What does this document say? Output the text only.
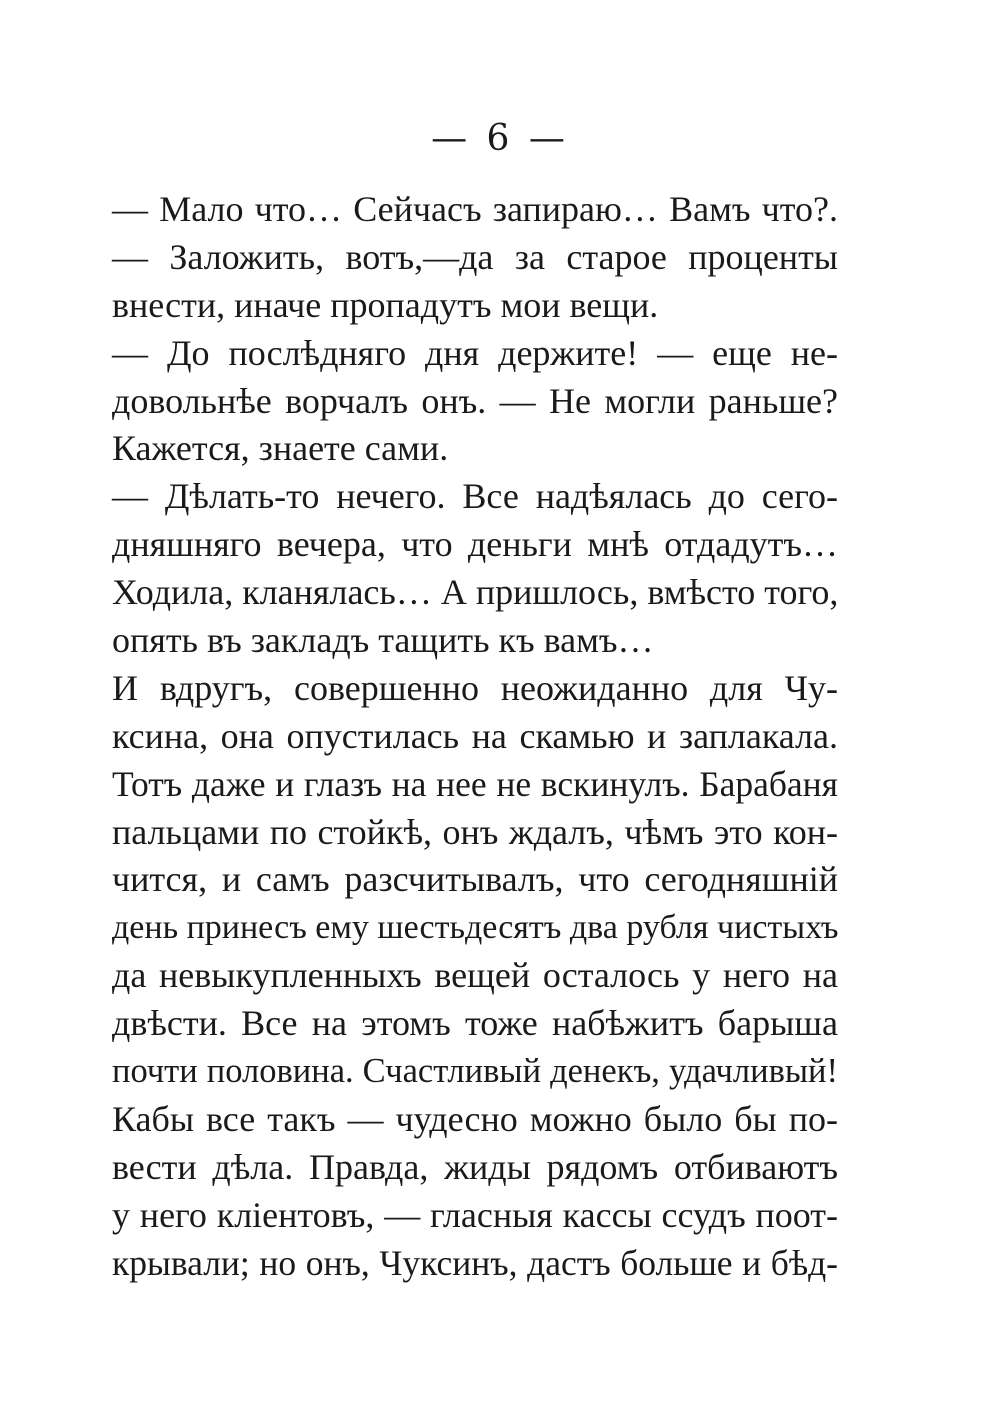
— 6 —
— Мало что… Сейчасъ запираю… Вамъ что?.
— Заложить, вотъ,—да за старое проценты
внести, иначе пропадутъ мои вещи.
— До послѣдняго дня держите! — еще не-
довольнѣе ворчалъ онъ. — Не могли раньше?
Кажется, знаете сами.
— Дѣлать-то нечего. Все надѣялась до сего-
дняшняго вечера, что деньги мнѣ отдадутъ…
Ходила, кланялась… А пришлось, вмѣсто того,
опять въ закладъ тащить къ вамъ…
И вдругъ, совершенно неожиданно для Чу-
ксина, она опустилась на скамью и заплакала.
Тотъ даже и глазъ на нее не вскинулъ. Барабаня
пальцами по стойкѣ, онъ ждалъ, чѣмъ это кон-
чится, и самъ разсчитывалъ, что сегодняшній
день принесъ ему шестьдесятъ два рубля чистыхъ
да невыкупленныхъ вещей осталось у него на
двѣсти. Все на этомъ тоже набѣжитъ барыша
почти половина. Счастливый денекъ, удачливый!
Кабы все такъ — чудесно можно было бы по-
вести дѣла. Правда, жиды рядомъ отбиваютъ
у него кліентовъ, — гласныя кассы ссудъ поот-
крывали; но онъ, Чуксинъ, дастъ больше и бѣд-
